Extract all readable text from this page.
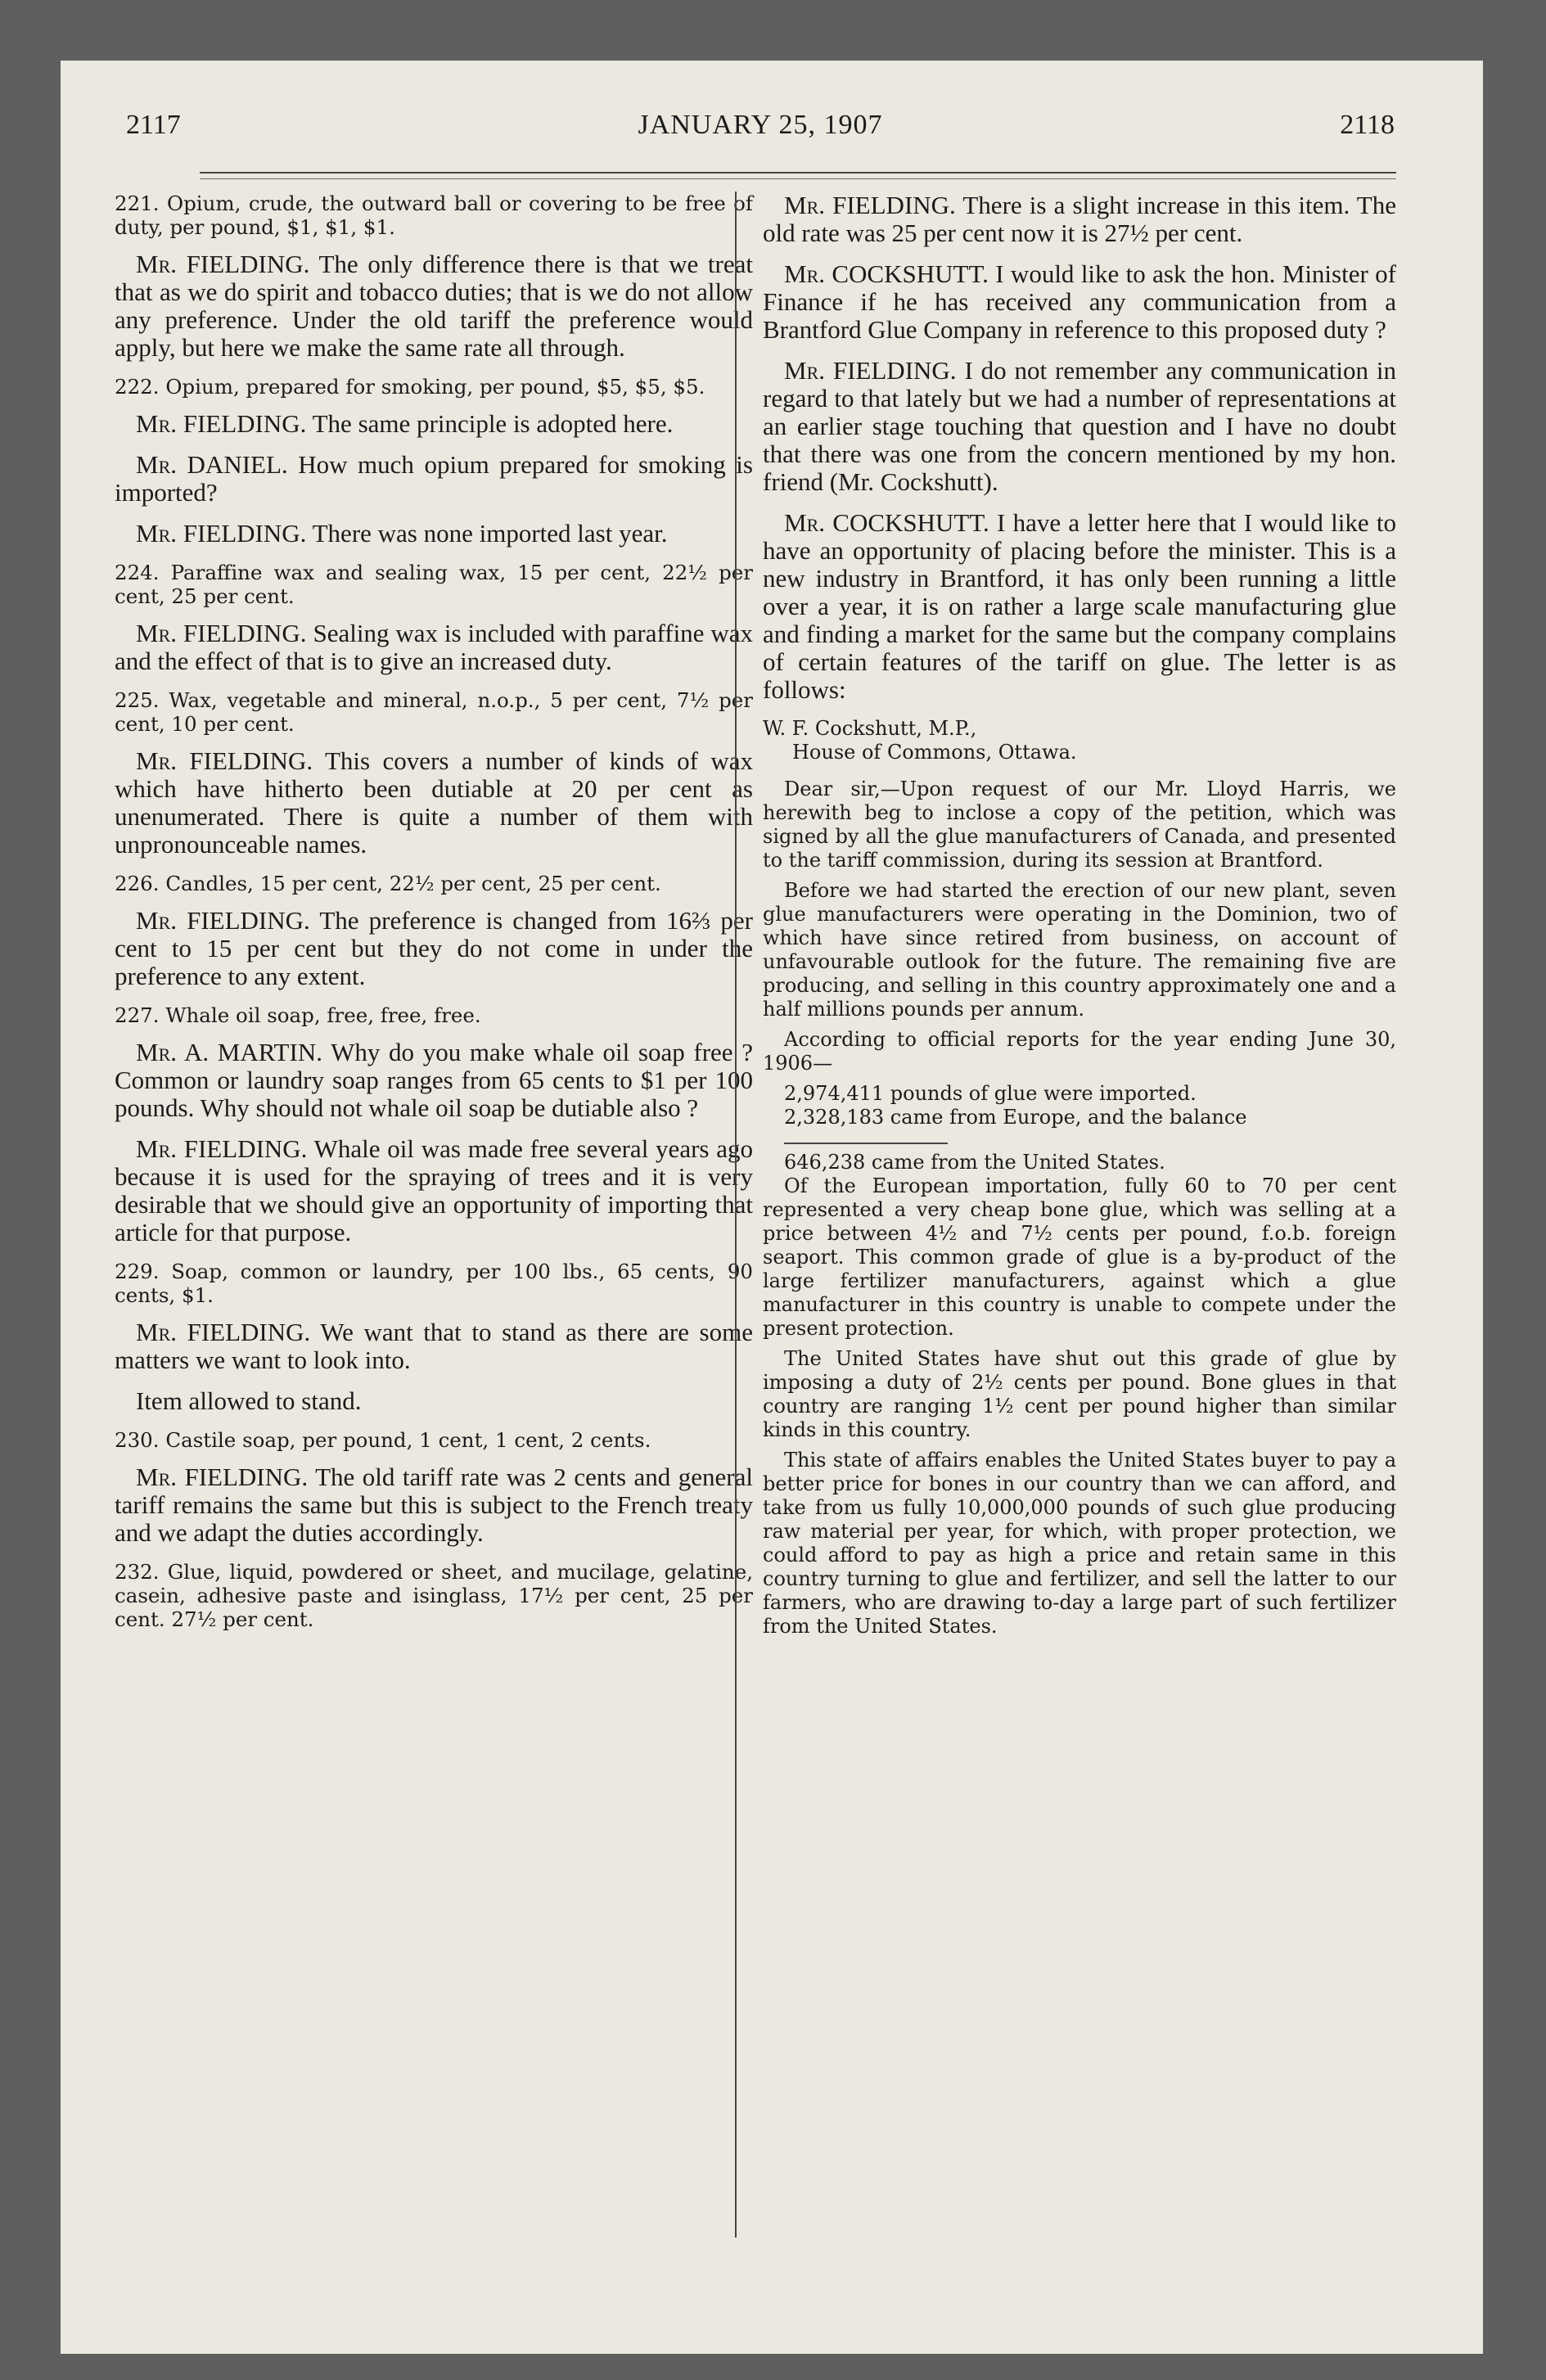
2117	JANUARY 25, 1907	2118

221. Opium, crude, the outward ball or covering to be free of duty, per pound, $1, $1, $1.

Mr. FIELDING. The only difference there is that we treat that as we do spirit and tobacco duties; that is we do not allow any preference. Under the old tariff the preference would apply, but here we make the same rate all through.

222. Opium, prepared for smoking, per pound, $5, $5, $5.

Mr. FIELDING. The same principle is adopted here.

Mr. DANIEL. How much opium prepared for smoking is imported?

Mr. FIELDING. There was none imported last year.

224. Paraffine wax and sealing wax, 15 per cent, 22½ per cent, 25 per cent.

Mr. FIELDING. Sealing wax is included with paraffine wax and the effect of that is to give an increased duty.

225. Wax, vegetable and mineral, n.o.p., 5 per cent, 7½ per cent, 10 per cent.

Mr. FIELDING. This covers a number of kinds of wax which have hitherto been dutiable at 20 per cent as unenumerated. There is quite a number of them with unpronounceable names.

226. Candles, 15 per cent, 22½ per cent, 25 per cent.

Mr. FIELDING. The preference is changed from 16⅔ per cent to 15 per cent but they do not come in under the preference to any extent.

227. Whale oil soap, free, free, free.

Mr. A. MARTIN. Why do you make whale oil soap free ? Common or laundry soap ranges from 65 cents to $1 per 100 pounds. Why should not whale oil soap be dutiable also ?

Mr. FIELDING. Whale oil was made free several years ago because it is used for the spraying of trees and it is very desirable that we should give an opportunity of importing that article for that purpose.

229. Soap, common or laundry, per 100 lbs., 65 cents, 90 cents, $1.

Mr. FIELDING. We want that to stand as there are some matters we want to look into.

Item allowed to stand.

230. Castile soap, per pound, 1 cent, 1 cent, 2 cents.

Mr. FIELDING. The old tariff rate was 2 cents and general tariff remains the same but this is subject to the French treaty and we adapt the duties accordingly.

232. Glue, liquid, powdered or sheet, and mucilage, gelatine, casein, adhesive paste and isinglass, 17½ per cent, 25 per cent. 27½ per cent.

Mr. FIELDING. There is a slight increase in this item. The old rate was 25 per cent now it is 27½ per cent.

Mr. COCKSHUTT. I would like to ask the hon. Minister of Finance if he has received any communication from a Brantford Glue Company in reference to this proposed duty ?

Mr. FIELDING. I do not remember any communication in regard to that lately but we had a number of representations at an earlier stage touching that question and I have no doubt that there was one from the concern mentioned by my hon. friend (Mr. Cockshutt).

Mr. COCKSHUTT. I have a letter here that I would like to have an opportunity of placing before the minister. This is a new industry in Brantford, it has only been running a little over a year, it is on rather a large scale manufacturing glue and finding a market for the same but the company complains of certain features of the tariff on glue. The letter is as follows:

W. F. Cockshutt, M.P.,

House of Commons, Ottawa.

Dear sir,—Upon request of our Mr. Lloyd Harris, we herewith beg to inclose a copy of the petition, which was signed by all the glue manufacturers of Canada, and presented to the tariff commission, during its session at Brantford.

Before we had started the erection of our new plant, seven glue manufacturers were operating in the Dominion, two of which have since retired from business, on account of unfavourable outlook for the future. The remaining five are producing, and selling in this country approximately one and a half millions pounds per annum.

According to official reports for the year ending June 30, 1906—

2,974,411 pounds of glue were imported.

2,328,183 came from Europe, and the balance

646,238 came from the United States.

Of the European importation, fully 60 to 70 per cent represented a very cheap bone glue, which was selling at a price between 4½ and 7½ cents per pound, f.o.b. foreign seaport. This common grade of glue is a by-product of the large fertilizer manufacturers, against which a glue manufacturer in this country is unable to compete under the present protection.

The United States have shut out this grade of glue by imposing a duty of 2½ cents per pound. Bone glues in that country are ranging 1½ cent per pound higher than similar kinds in this country.

This state of affairs enables the United States buyer to pay a better price for bones in our country than we can afford, and take from us fully 10,000,000 pounds of such glue producing raw material per year, for which, with proper protection, we could afford to pay as high a price and retain same in this country turning to glue and fertilizer, and sell the latter to our farmers, who are drawing to-day a large part of such fertilizer from the United States.
